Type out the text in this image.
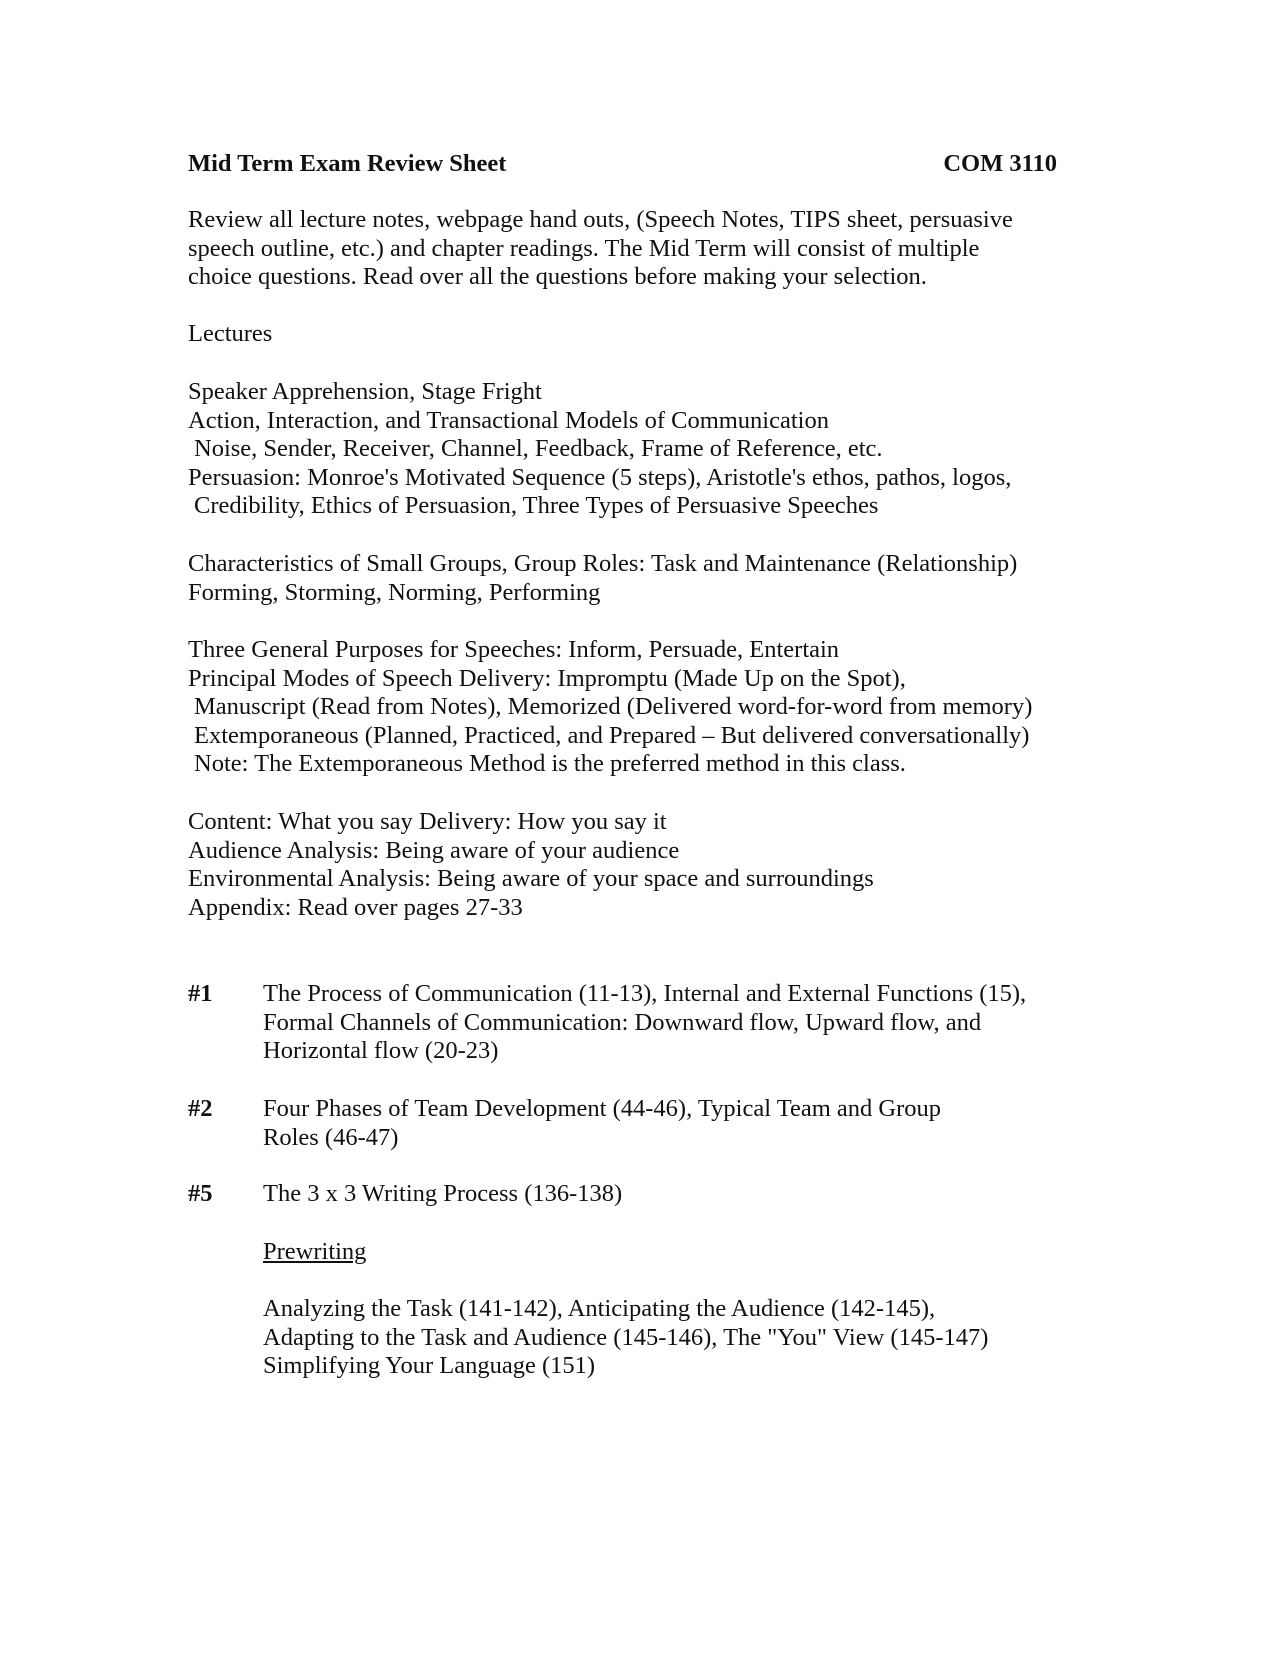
Mid Term Exam Review Sheet	COM 3110
Review all lecture notes, webpage hand outs, (Speech Notes, TIPS sheet, persuasive
speech outline, etc.) and chapter readings. The Mid Term will consist of multiple
choice questions. Read over all the questions before making your selection.
Lectures
Speaker Apprehension, Stage Fright
Action, Interaction, and Transactional Models of Communication
Noise, Sender, Receiver, Channel, Feedback, Frame of Reference, etc.
Persuasion: Monroe's Motivated Sequence (5 steps), Aristotle's ethos, pathos, logos,
Credibility, Ethics of Persuasion, Three Types of Persuasive Speeches
Characteristics of Small Groups, Group Roles: Task and Maintenance (Relationship)
Forming, Storming, Norming, Performing
Three General Purposes for Speeches: Inform, Persuade, Entertain
Principal Modes of Speech Delivery: Impromptu (Made Up on the Spot),
Manuscript (Read from Notes), Memorized (Delivered word-for-word from memory)
Extemporaneous (Planned, Practiced, and Prepared – But delivered conversationally)
Note: The Extemporaneous Method is the preferred method in this class.
Content: What you say Delivery: How you say it
Audience Analysis: Being aware of your audience
Environmental Analysis: Being aware of your space and surroundings
Appendix: Read over pages 27-33
#1 The Process of Communication (11-13), Internal and External Functions (15),
Formal Channels of Communication: Downward flow, Upward flow, and
Horizontal flow (20-23)
#2 Four Phases of Team Development (44-46), Typical Team and Group
Roles (46-47)
#5 The 3 x 3 Writing Process (136-138)
Prewriting
Analyzing the Task (141-142), Anticipating the Audience (142-145),
Adapting to the Task and Audience (145-146), The "You" View (145-147)
Simplifying Your Language (151)
